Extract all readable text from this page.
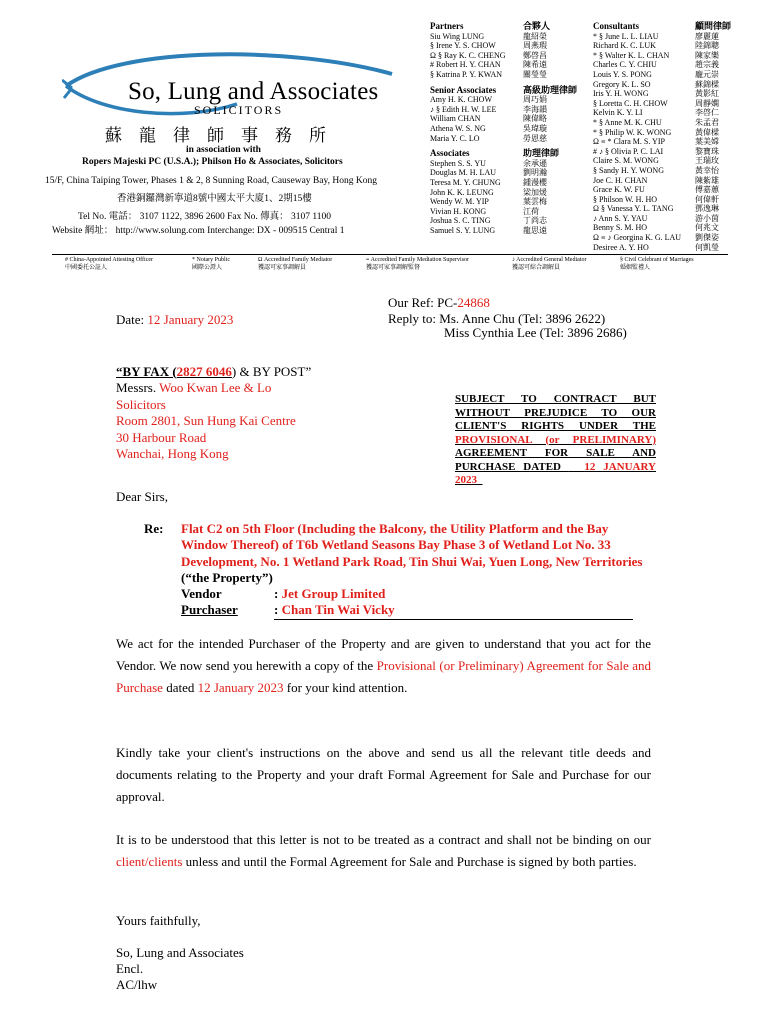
So, Lung and Associates
SOLICITORS
蘇龍律師事務所
in association with
Ropers Majeski PC (U.S.A.); Philson Ho & Associates, Solicitors
15/F, China Taiping Tower, Phases 1 & 2, 8 Sunning Road, Causeway Bay, Hong Kong
香港銅鑼灣新寧道8號中國太平大廈1、2期15樓
Tel No. 電話： 3107 1122, 3896 2600 Fax No. 傳真： 3107 1100
Website 網址： http://www.solung.com Interchange: DX - 009515 Central 1
Partners
Siu Wing LUNG
§ Irene Y. S. CHOW
Ω § Ray K. C. CHENG
# Robert H. Y. CHAN
§ Katrina P. Y. KWAN
Senior Associates
Amy H. K. CHOW
♪ § Edith H. W. LEE
William CHAN
Athena W. S. NG
Maria Y. C. LO
Associates
Stephen S. S. YU
Douglas M. H. LAU
Teresa M. Y. CHUNG
John K. K. LEUNG
Wendy W. M. YIP
Vivian H. KONG
Joshua S. C. TING
Samuel S. Y. LUNG
合夥人
龍紹榮
周燕瑕
鄭啓昌
陳希遠
關瑩瑩
高級助理律師
周巧娟
李海韻
陳偉略
吳瑋璇
勞恩慈
助理律師
余承遜
劉明瀚
鍾漫櫻
梁加煖
葉雲梅
江荷
丁尚志
龍思遠
Consultants
* § June L. L. LIAU
Richard K. C. LUK
* § Walter K. L. CHAN
Charles C. Y. CHIU
Louis Y. S. PONG
Gregory K. L. SO
Iris Y. H. WONG
§ Loretta C. H. CHOW
Kelvin K. Y. LI
* § Anne M. K. CHU
* § Philip W. K. WONG
Ω ≡ * Clara M. S. YIP
# ♪ § Olivia P. C. LAI
Claire S. M. WONG
§ Sandy H. Y. WONG
Joe C. H. CHAN
Grace K. W. FU
§ Philson W. H. HO
Ω § Vanessa Y. L. TANG
♪ Ann S. Y. YAU
Benny S. M. HO
Ω ≡ ♪ Georgina K. G. LAU
Desiree A. Y. HO
顧問律師
廖麗蓮
陸錦聰
陳家樂
趙宗義
龐元崇
蘇錦樑
黃影紅
周靜嫻
李啓仁
朱孟君
黃偉樑
葉美嫦
黎寶珠
王瑞玫
黃幸怡
陳紫雄
傅嘉蕙
何偉軒
鄧逸琳
游小茵
何兆文
劉傑姿
何凱瑩
# China-Appointed Attesting Officer
中國委托公証人
* Notary Public
國際公證人
Ω Accredited Family Mediator
獲認可家事調解員
≡ Accredited Family Mediation Supervisor
獲認可家事調解監督
♪ Accredited General Mediator
獲認可綜合調解員
§ Civil Celebrant of Marriages
婚姻監禮人
Our Ref: PC-24868
Reply to: Ms. Anne Chu (Tel: 3896 2622)
Miss Cynthia Lee (Tel: 3896 2686)
Date: 12 January 2023
“BY FAX (2827 6046) & BY POST”
Messrs. Woo Kwan Lee & Lo
Solicitors
Room 2801, Sun Hung Kai Centre
30 Harbour Road
Wanchai, Hong Kong
SUBJECT TO CONTRACT BUT WITHOUT PREJUDICE TO OUR CLIENT'S RIGHTS UNDER THE PROVISIONAL (or PRELIMINARY) AGREEMENT FOR SALE AND PURCHASE DATED   12 JANUARY 2023
Dear Sirs,
Re: Flat C2 on 5th Floor (Including the Balcony, the Utility Platform and the Bay Window Thereof) of T6b Wetland Seasons Bay Phase 3 of Wetland Lot No. 33 Development, No. 1 Wetland Park Road, Tin Shui Wai, Yuen Long, New Territories (“the Property”)
Vendor	: Jet Group Limited
Purchaser	: Chan Tin Wai Vicky
We act for the intended Purchaser of the Property and are given to understand that you act for the Vendor. We now send you herewith a copy of the Provisional (or Preliminary) Agreement for Sale and Purchase dated 12 January 2023 for your kind attention.
Kindly take your client's instructions on the above and send us all the relevant title deeds and documents relating to the Property and your draft Formal Agreement for Sale and Purchase for our approval.
It is to be understood that this letter is not to be treated as a contract and shall not be binding on our client/clients unless and until the Formal Agreement for Sale and Purchase is signed by both parties.
Yours faithfully,
So, Lung and Associates
Encl.
AC/lhw
